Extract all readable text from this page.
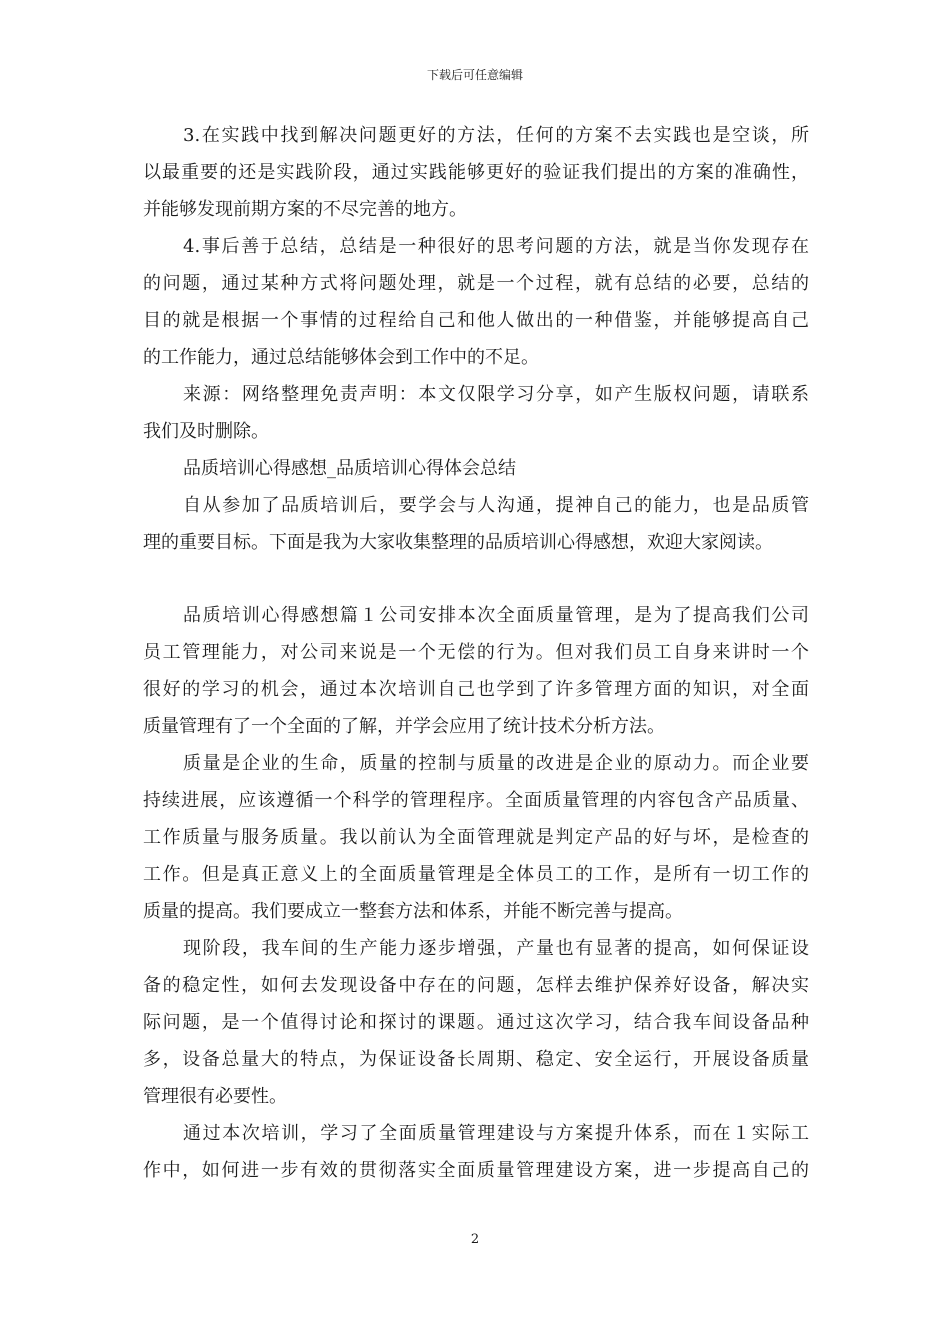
下载后可任意编辑
3.在实践中找到解决问题更好的方法，任何的方案不去实践也是空谈，所
以最重要的还是实践阶段，通过实践能够更好的验证我们提出的方案的准确性，
并能够发现前期方案的不尽完善的地方。
4.事后善于总结，总结是一种很好的思考问题的方法，就是当你发现存在
的问题，通过某种方式将问题处理，就是一个过程，就有总结的必要，总结的
目的就是根据一个事情的过程给自己和他人做出的一种借鉴，并能够提高自己
的工作能力，通过总结能够体会到工作中的不足。
来源：网络整理免责声明：本文仅限学习分享，如产生版权问题，请联系
我们及时删除。
品质培训心得感想_品质培训心得体会总结
自从参加了品质培训后，要学会与人沟通，提神自己的能力，也是品质管
理的重要目标。下面是我为大家收集整理的品质培训心得感想，欢迎大家阅读。
品质培训心得感想篇１公司安排本次全面质量管理，是为了提高我们公司
员工管理能力，对公司来说是一个无偿的行为。但对我们员工自身来讲时一个
很好的学习的机会，通过本次培训自己也学到了许多管理方面的知识，对全面
质量管理有了一个全面的了解，并学会应用了统计技术分析方法。
质量是企业的生命，质量的控制与质量的改进是企业的原动力。而企业要
持续进展，应该遵循一个科学的管理程序。全面质量管理的内容包含产品质量、
工作质量与服务质量。我以前认为全面管理就是判定产品的好与坏，是检查的
工作。但是真正意义上的全面质量管理是全体员工的工作，是所有一切工作的
质量的提高。我们要成立一整套方法和体系，并能不断完善与提高。
现阶段，我车间的生产能力逐步增强，产量也有显著的提高，如何保证设
备的稳定性，如何去发现设备中存在的问题，怎样去维护保养好设备，解决实
际问题，是一个值得讨论和探讨的课题。通过这次学习，结合我车间设备品种
多，设备总量大的特点，为保证设备长周期、稳定、安全运行，开展设备质量
管理很有必要性。
通过本次培训，学习了全面质量管理建设与方案提升体系，而在１实际工
作中，如何进一步有效的贯彻落实全面质量管理建设方案，进一步提高自己的
2
